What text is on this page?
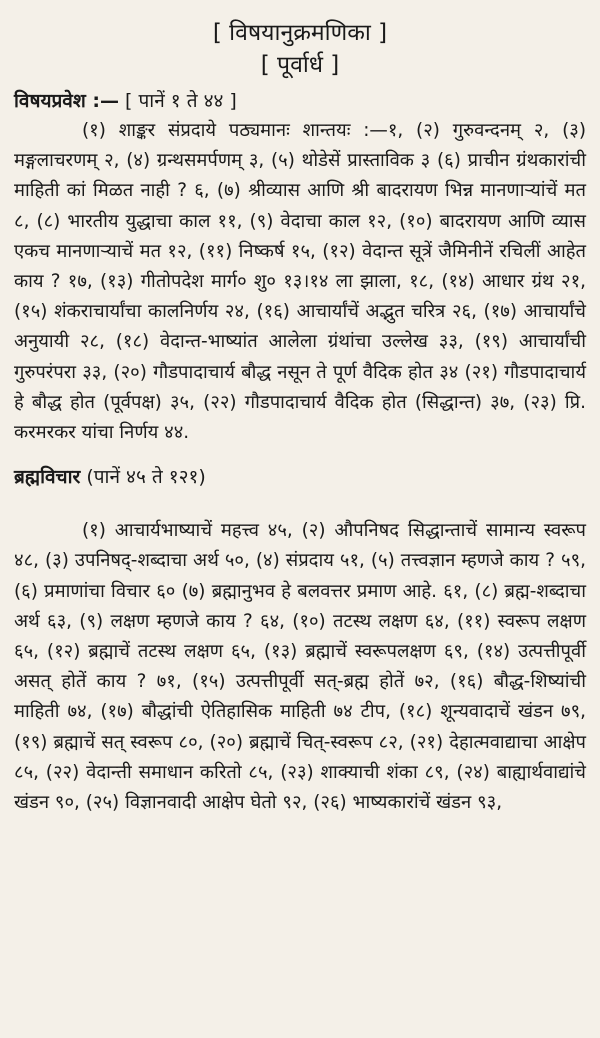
[ विषयानुक्रमणिका ]
[ पूर्वार्ध ]
विषयप्रवेश :— [ पानें १ ते ४४ ]

(१) शाङ्कर संप्रदाये पठ्यमानः शान्तयः :—१, (२) गुरुवन्दनम् २, (३) मङ्गलाचरणम् २, (४) ग्रन्थसमर्पणम् ३, (५) थोडेसें प्रास्ताविक ३ (६) प्राचीन ग्रंथकारांची माहिती कां मिळत नाही ? ६, (७) श्रीव्यास आणि श्री बादरायण भिन्न मानणाऱ्यांचें मत ८, (८) भारतीय युद्धाचा काल ११, (९) वेदाचा काल १२, (१०) बादरायण आणि व्यास एकच मानणाऱ्याचें मत १२, (११) निष्कर्ष १५, (१२) वेदान्त सूत्रें जैमिनीनें रचिलीं आहेत काय ? १७, (१३) गीतोपदेश मार्ग० शु० १३।१४ ला झाला, १८, (१४) आधार ग्रंथ २१, (१५) शंकराचार्यांचा कालनिर्णय २४, (१६) आचार्यांचें अद्भुत चरित्र २६, (१७) आचार्यांचे अनुयायी २८, (१८) वेदान्त-भाष्यांत आलेला ग्रंथांचा उल्लेख ३३, (१९) आचार्यांची गुरुपरंपरा ३३, (२०) गौडपादाचार्य बौद्ध नसून ते पूर्ण वैदिक होत ३४ (२१) गौडपादाचार्य हे बौद्ध होत (पूर्वपक्ष) ३५, (२२) गौडपादाचार्य वैदिक होत (सिद्धान्त) ३७, (२३) प्रि. करमरकर यांचा निर्णय ४४.

ब्रह्मविचार (पानें ४५ ते १२१)

(१) आचार्यभाष्याचें महत्त्व ४५, (२) औपनिषद सिद्धान्ताचें सामान्य स्वरूप ४८, (३) उपनिषद्-शब्दाचा अर्थ ५०, (४) संप्रदाय ५१, (५) तत्त्वज्ञान म्हणजे काय ? ५९, (६) प्रमाणांचा विचार ६० (७) ब्रह्मानुभव हे बलवत्तर प्रमाण आहे. ६१, (८) ब्रह्म-शब्दाचा अर्थ ६३, (९) लक्षण म्हणजे काय ? ६४, (१०) तटस्थ लक्षण ६४, (११) स्वरूप लक्षण ६५, (१२) ब्रह्माचें तटस्थ लक्षण ६५, (१३) ब्रह्माचें स्वरूपलक्षण ६९, (१४) उत्पत्तीपूर्वी असत् होतें काय ? ७१, (१५) उत्पत्तीपूर्वी सत्-ब्रह्म होतें ७२, (१६) बौद्ध-शिष्यांची माहिती ७४, (१७) बौद्धांची ऐतिहासिक माहिती ७४ टीप, (१८) शून्यवादाचें खंडन ७९, (१९) ब्रह्माचें सत् स्वरूप ८०, (२०) ब्रह्माचें चित्-स्वरूप ८२, (२१) देहात्मवाद्याचा आक्षेप ८५, (२२) वेदान्ती समाधान करितो ८५, (२३) शाक्याची शंका ८९, (२४) बाह्यार्थवाद्यांचे खंडन ९०, (२५) विज्ञानवादी आक्षेप घेतो ९२, (२६) भाष्यकारांचें खंडन ९३,
